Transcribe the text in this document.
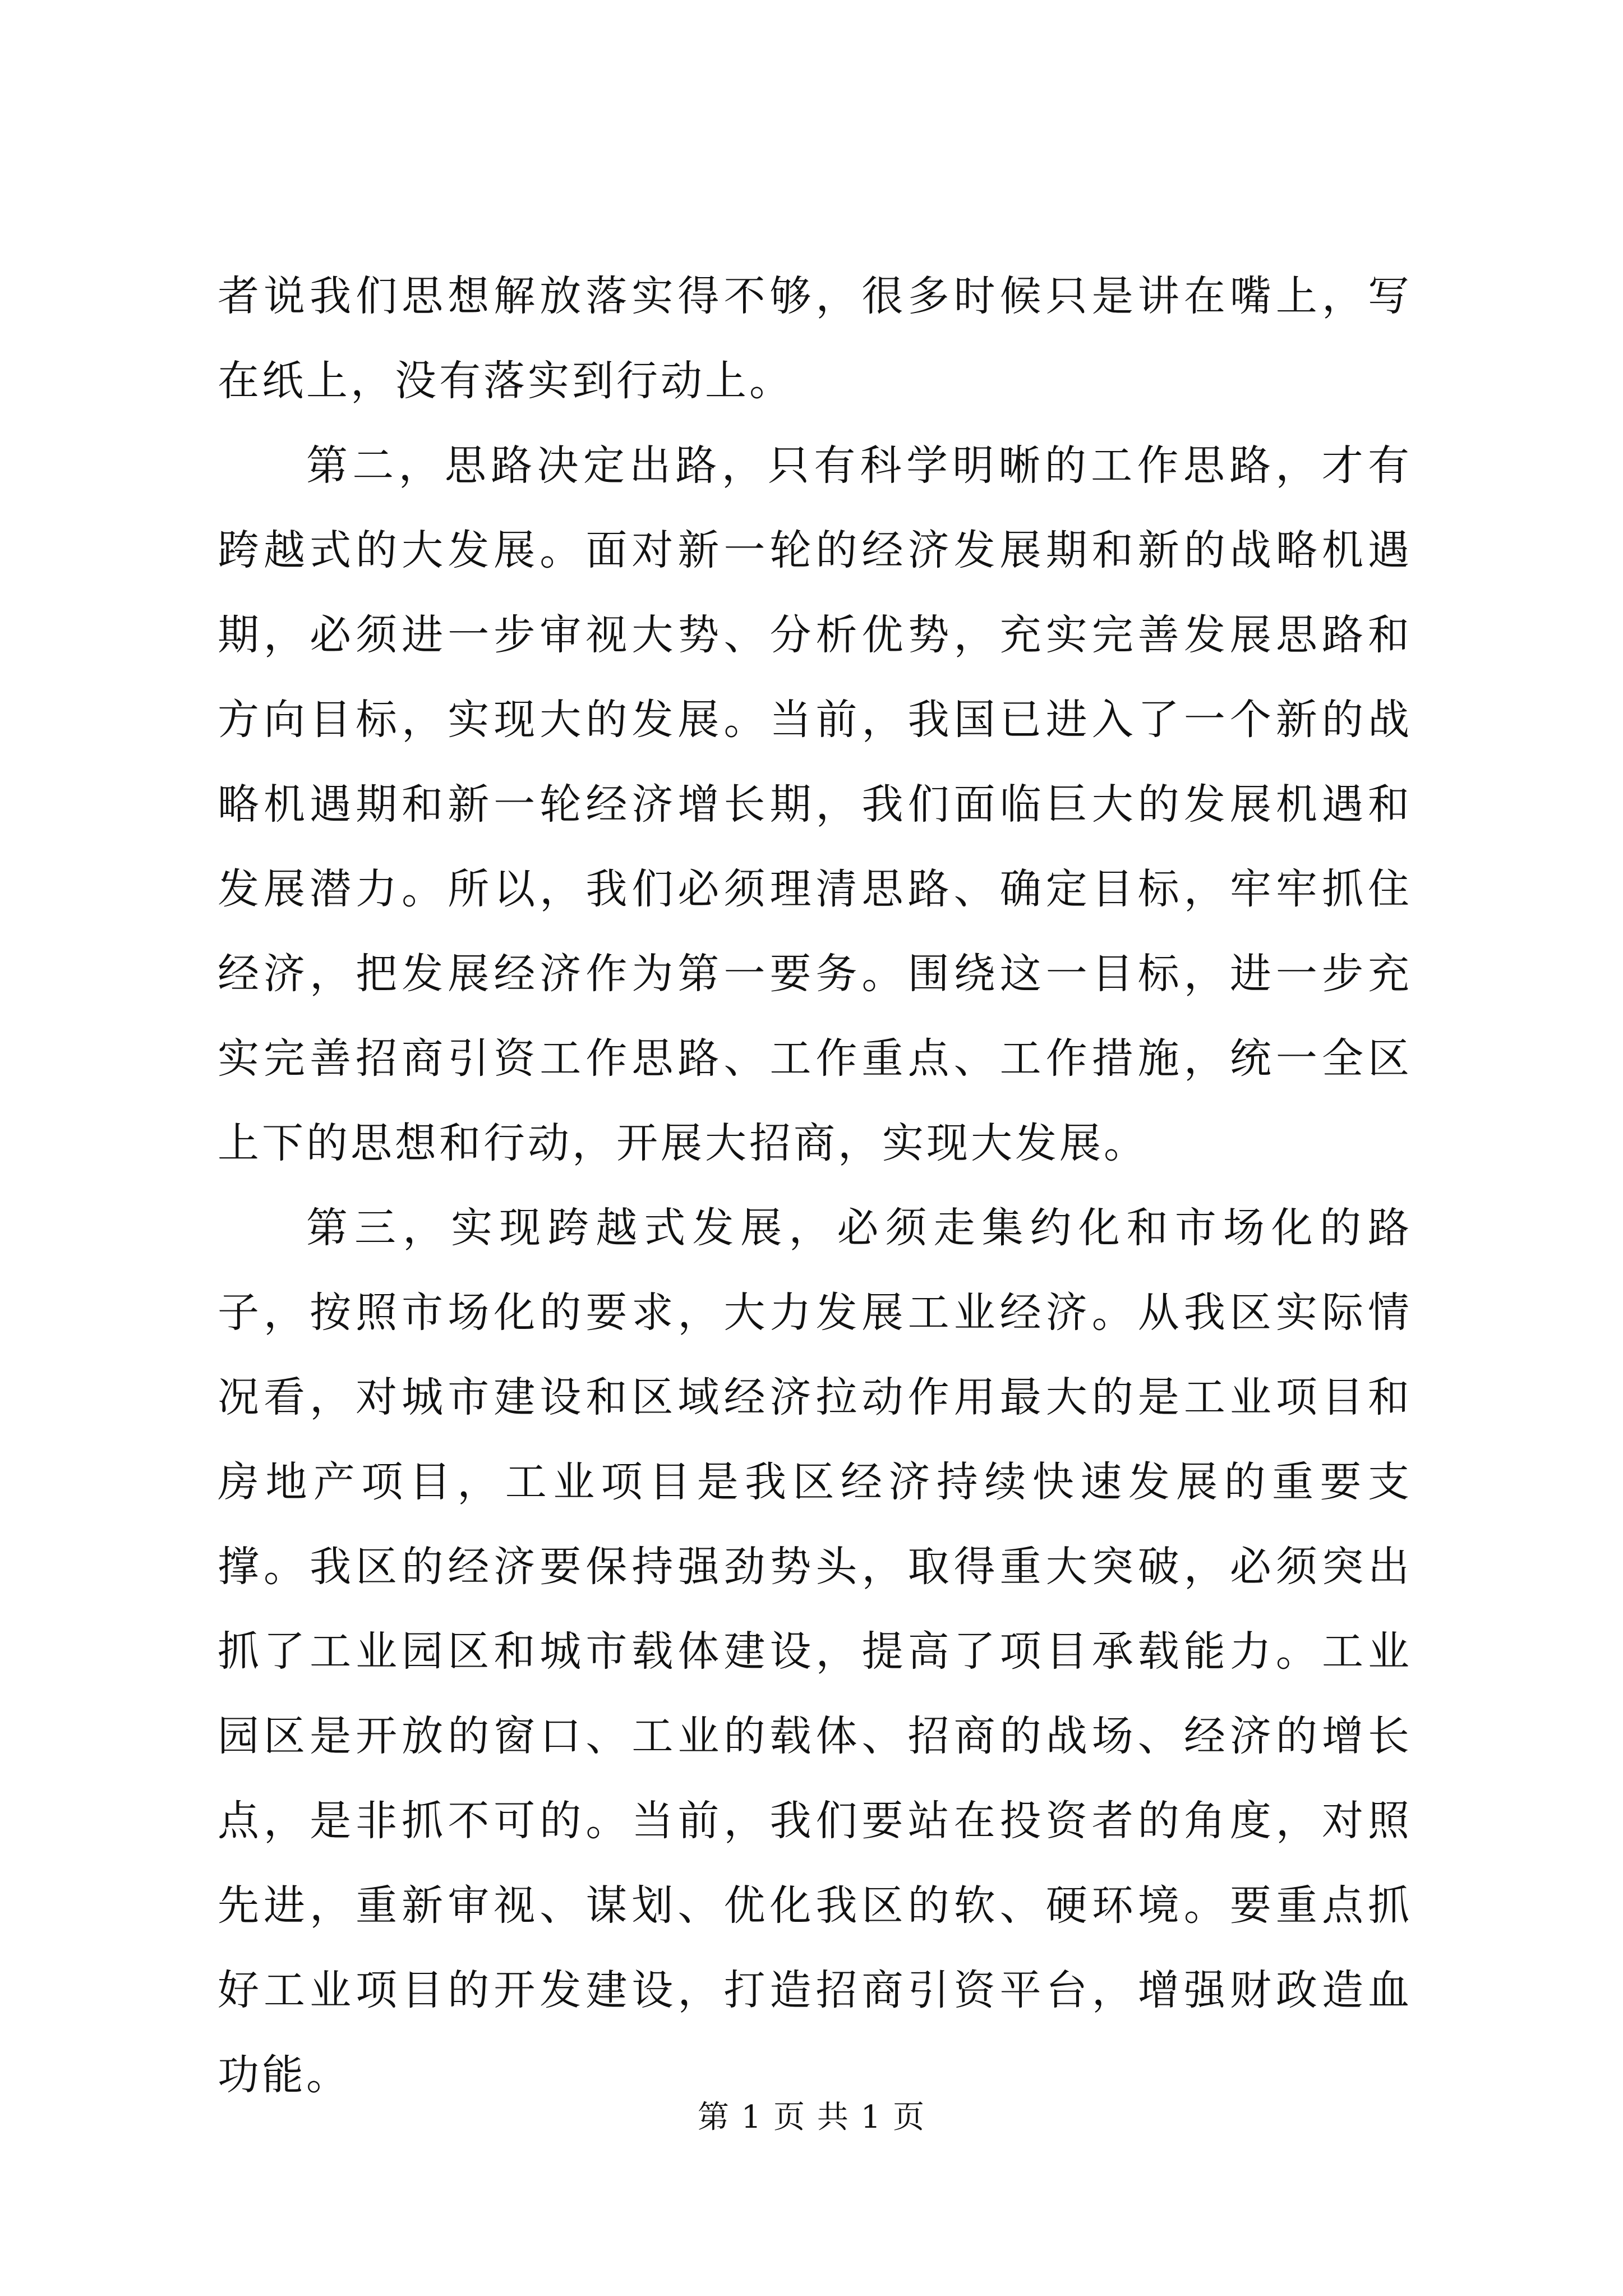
者说我们思想解放落实得不够，很多时候只是讲在嘴上，写在纸上，没有落实到行动上。

第二，思路决定出路，只有科学明晰的工作思路，才有跨越式的大发展。面对新一轮的经济发展期和新的战略机遇期，必须进一步审视大势、分析优势，充实完善发展思路和方向目标，实现大的发展。当前，我国已进入了一个新的战略机遇期和新一轮经济增长期，我们面临巨大的发展机遇和发展潜力。所以，我们必须理清思路、确定目标，牢牢抓住经济，把发展经济作为第一要务。围绕这一目标，进一步充实完善招商引资工作思路、工作重点、工作措施，统一全区上下的思想和行动，开展大招商，实现大发展。

第三，实现跨越式发展，必须走集约化和市场化的路子，按照市场化的要求，大力发展工业经济。从我区实际情况看，对城市建设和区域经济拉动作用最大的是工业项目和房地产项目，工业项目是我区经济持续快速发展的重要支撑。我区的经济要保持强劲势头，取得重大突破，必须突出抓了工业园区和城市载体建设，提高了项目承载能力。工业园区是开放的窗口、工业的载体、招商的战场、经济的增长点，是非抓不可的。当前，我们要站在投资者的角度，对照先进，重新审视、谋划、优化我区的软、硬环境。要重点抓好工业项目的开发建设，打造招商引资平台，增强财政造血功能。

第 1 页 共 1 页
